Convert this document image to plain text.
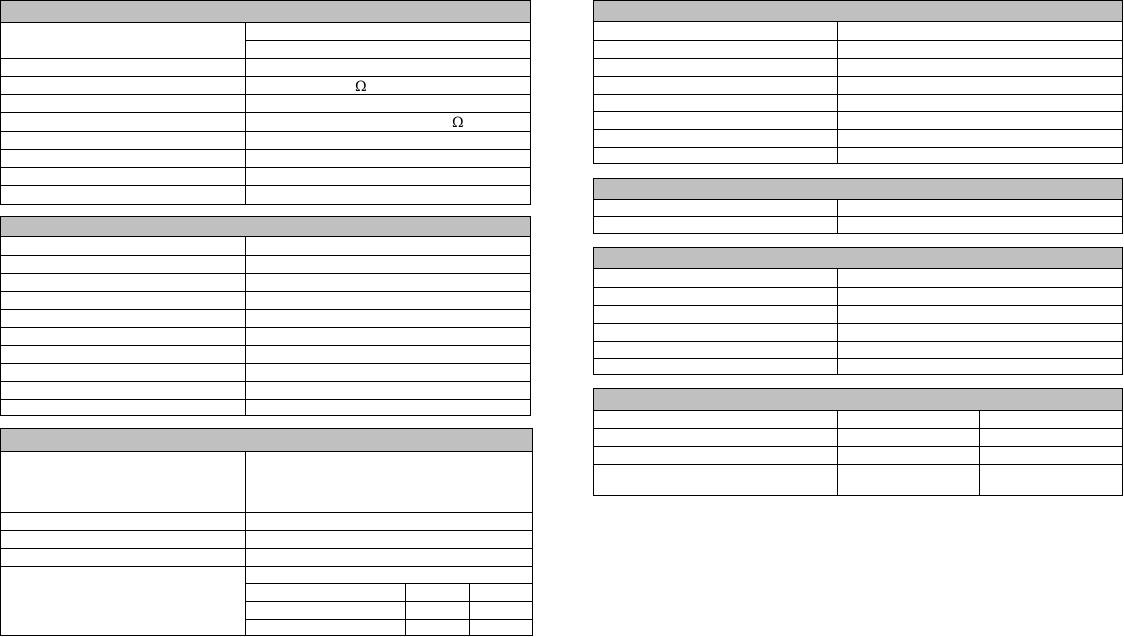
Ω
Ω
